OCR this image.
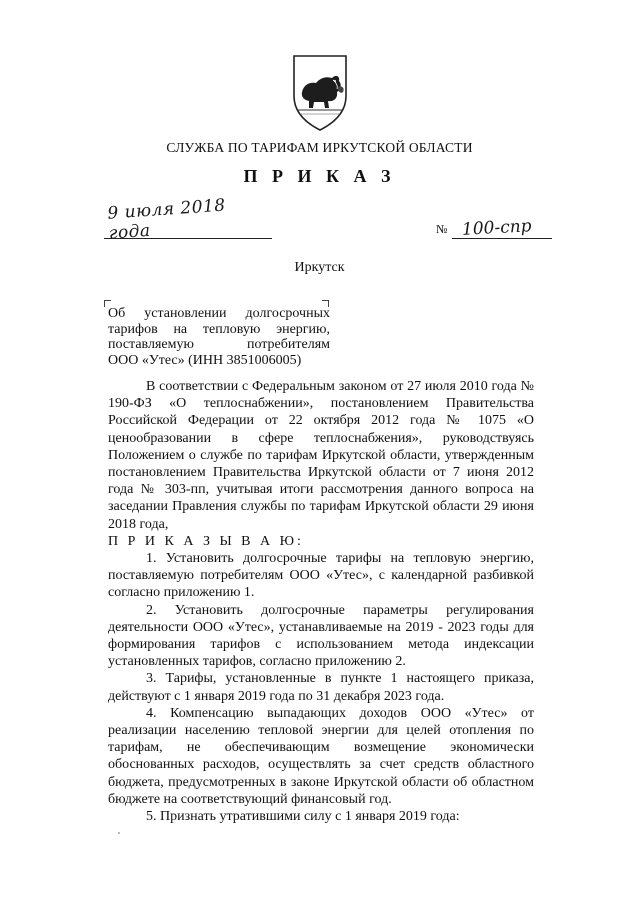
СЛУЖБА ПО ТАРИФАМ ИРКУТСКОЙ ОБЛАСТИ
П Р И К А З
9 июля 2018 года	№ 100-спр
Иркутск
Об установлении долгосрочных
тарифов на тепловую энергию,
поставляемую потребителям
ООО «Утес» (ИНН 3851006005)

В соответствии с Федеральным законом от 27 июля 2010 года № 190-ФЗ «О теплоснабжении», постановлением Правительства Российской Федерации от 22 октября 2012 года № 1075 «О ценообразовании в сфере теплоснабжения», руководствуясь Положением о службе по тарифам Иркутской области, утвержденным постановлением Правительства Иркутской области от 7 июня 2012 года № 303-пп, учитывая итоги рассмотрения данного вопроса на заседании Правления службы по тарифам Иркутской области 29 июня 2018 года,

П Р И К А З Ы В А Ю:

1. Установить долгосрочные тарифы на тепловую энергию, поставляемую потребителям ООО «Утес», с календарной разбивкой согласно приложению 1.

2. Установить долгосрочные параметры регулирования деятельности ООО «Утес», устанавливаемые на 2019 - 2023 годы для формирования тарифов с использованием метода индексации установленных тарифов, согласно приложению 2.

3. Тарифы, установленные в пункте 1 настоящего приказа, действуют с 1 января 2019 года по 31 декабря 2023 года.

4. Компенсацию выпадающих доходов ООО «Утес» от реализации населению тепловой энергии для целей отопления по тарифам, не обеспечивающим возмещение экономически обоснованных расходов, осуществлять за счет средств областного бюджета, предусмотренных в законе Иркутской области об областном бюджете на соответствующий финансовый год.

5. Признать утратившими силу с 1 января 2019 года:
